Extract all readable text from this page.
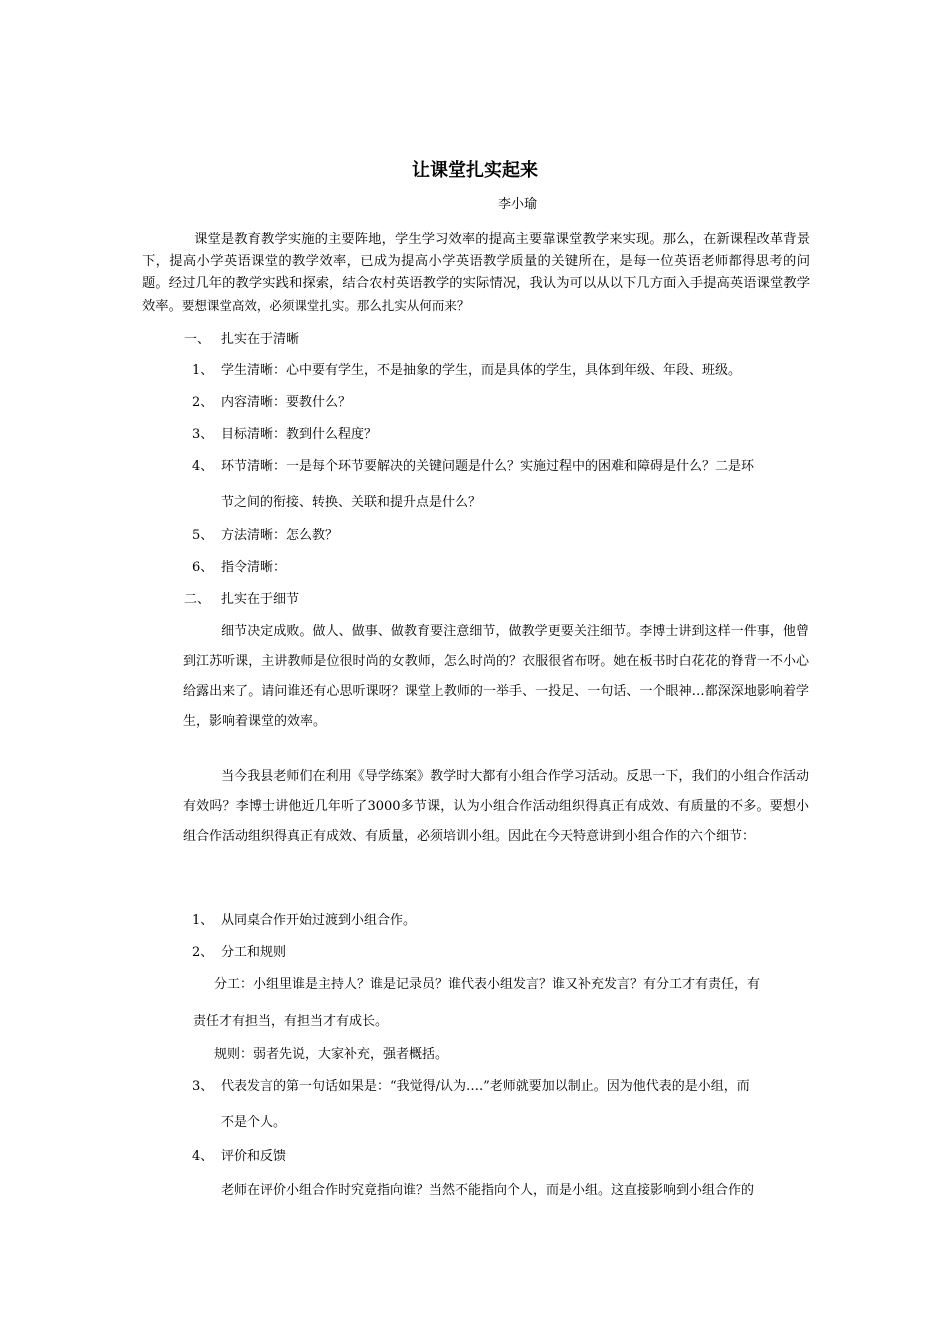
让课堂扎实起来
李小瑜
课堂是教育教学实施的主要阵地，学生学习效率的提高主要靠课堂教学来实现。那么，在新课程改革背景下，提高小学英语课堂的教学效率，已成为提高小学英语教学质量的关键所在，是每一位英语老师都得思考的问题。经过几年的教学实践和探索，结合农村英语教学的实际情况，我认为可以从以下几方面入手提高英语课堂教学效率。要想课堂高效，必须课堂扎实。那么扎实从何而来？
一、 扎实在于清晰
1、 学生清晰：心中要有学生，不是抽象的学生，而是具体的学生，具体到年级、年段、班级。
2、 内容清晰：要教什么？
3、 目标清晰：教到什么程度？
4、 环节清晰：一是每个环节要解决的关键问题是什么？实施过程中的困难和障碍是什么？二是环
节之间的衔接、转换、关联和提升点是什么？
5、 方法清晰：怎么教？
6、 指令清晰：
二、 扎实在于细节
细节决定成败。做人、做事、做教育要注意细节，做教学更要关注细节。李博士讲到这样一件事，他曾到江苏听课，主讲教师是位很时尚的女教师，怎么时尚的？衣服很省布呀。她在板书时白花花的脊背一不小心给露出来了。请问谁还有心思听课呀？课堂上教师的一举手、一投足、一句话、一个眼神…都深深地影响着学生，影响着课堂的效率。
当今我县老师们在利用《导学练案》教学时大都有小组合作学习活动。反思一下，我们的小组合作活动有效吗？李博士讲他近几年听了3000多节课，认为小组合作活动组织得真正有成效、有质量的不多。要想小组合作活动组织得真正有成效、有质量，必须培训小组。因此在今天特意讲到小组合作的六个细节：
1、 从同桌合作开始过渡到小组合作。
2、 分工和规则
分工：小组里谁是主持人？谁是记录员？谁代表小组发言？谁又补充发言？有分工才有责任，有
责任才有担当，有担当才有成长。
规则：弱者先说，大家补充，强者概括。
3、 代表发言的第一句话如果是：“我觉得/认为….”老师就要加以制止。因为他代表的是小组，而
不是个人。
4、 评价和反馈
老师在评价小组合作时究竟指向谁？当然不能指向个人，而是小组。这直接影响到小组合作的
